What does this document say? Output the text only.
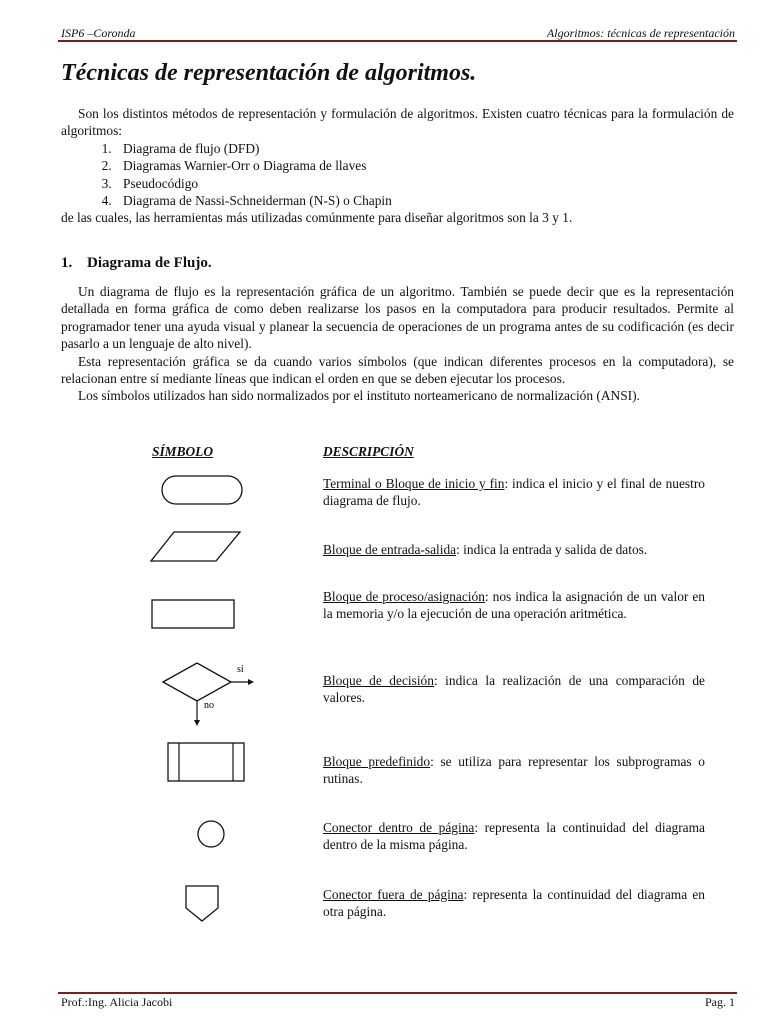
ISP6 –Coronda	Algoritmos: técnicas de representación
Técnicas de representación de algoritmos.

Son los distintos métodos de representación y formulación de algoritmos. Existen cuatro técnicas para la formulación de algoritmos:

1. Diagrama de flujo (DFD)
2. Diagramas Warnier-Orr o Diagrama de llaves
3. Pseudocódigo
4. Diagrama de Nassi-Schneiderman (N-S) o Chapin

de las cuales, las herramientas más utilizadas comúnmente para diseñar algoritmos son la 3 y 1.

1. Diagrama de Flujo.

Un diagrama de flujo es la representación gráfica de un algoritmo. También se puede decir que es la representación detallada en forma gráfica de como deben realizarse los pasos en la computadora para producir resultados. Permite al programador tener una ayuda visual y planear la secuencia de operaciones de un programa antes de su codificación (es decir pasarlo a un lenguaje de alto nivel).

Esta representación gráfica se da cuando varios símbolos (que indican diferentes procesos en la computadora), se relacionan entre sí mediante líneas que indican el orden en que se deben ejecutar los procesos.

Los símbolos utilizados han sido normalizados por el instituto norteamericano de normalización (ANSI).

SÍMBOLO	DESCRIPCIÓN

Terminal o Bloque de inicio y fin: indica el inicio y el final de nuestro diagrama de flujo.

Bloque de entrada-salida: indica la entrada y salida de datos.

Bloque de proceso/asignación: nos indica la asignación de un valor en la memoria y/o la ejecución de una operación aritmética.

si
no

Bloque de decisión: indica la realización de una comparación de valores.

Bloque predefinido: se utiliza para representar los subprogramas o rutinas.

Conector dentro de página: representa la continuidad del diagrama dentro de la misma página.

Conector fuera de página: representa la continuidad del diagrama en otra página.

Prof.:Ing. Alicia Jacobi	Pag. 1
